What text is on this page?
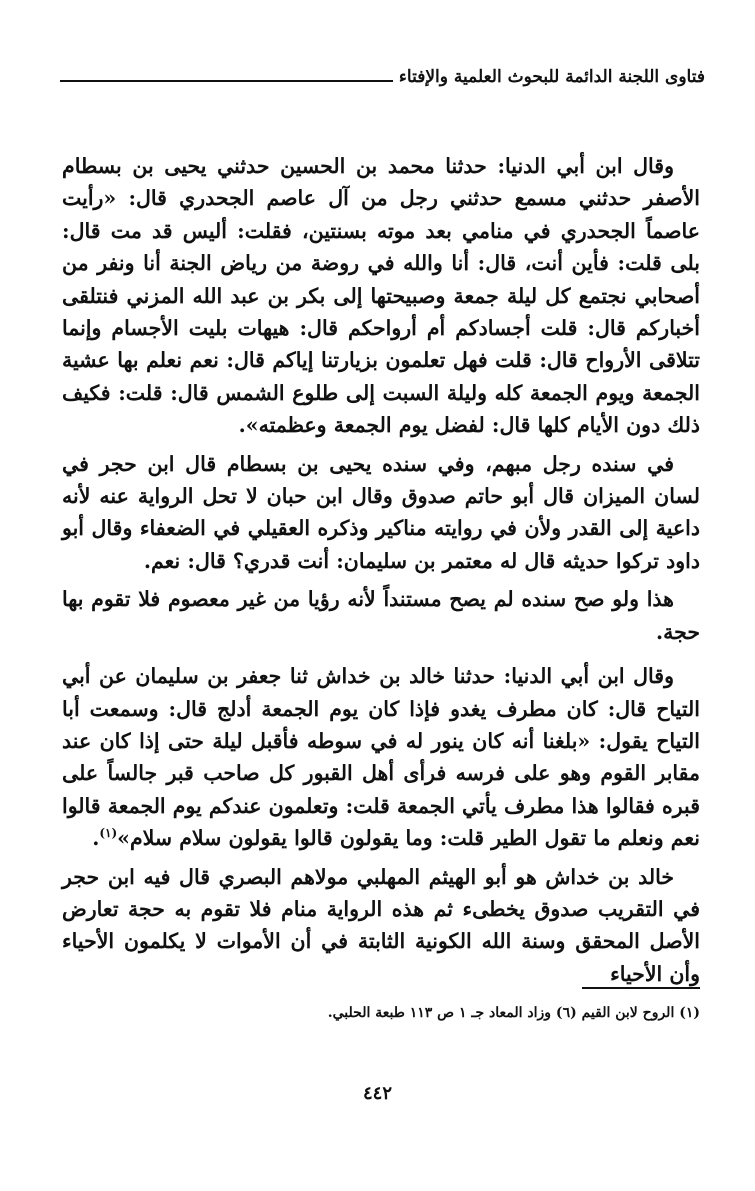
فتاوى اللجنة الدائمة للبحوث العلمية والإفتاء

وقال ابن أبي الدنيا: حدثنا محمد بن الحسين حدثني يحيى بن بسطام الأصفر حدثني مسمع حدثني رجل من آل عاصم الجحدري قال: «رأيت عاصماً الجحدري في منامي بعد موته بسنتين، فقلت: أليس قد مت قال: بلى قلت: فأين أنت، قال: أنا والله في روضة من رياض الجنة أنا ونفر من أصحابي نجتمع كل ليلة جمعة وصبيحتها إلى بكر بن عبد الله المزني فنتلقى أخباركم قال: قلت أجسادكم أم أرواحكم قال: هيهات بليت الأجسام وإنما تتلاقى الأرواح قال: قلت فهل تعلمون بزيارتنا إياكم قال: نعم نعلم بها عشية الجمعة ويوم الجمعة كله وليلة السبت إلى طلوع الشمس قال: قلت: فكيف ذلك دون الأيام كلها قال: لفضل يوم الجمعة وعظمته».

في سنده رجل مبهم، وفي سنده يحيى بن بسطام قال ابن حجر في لسان الميزان قال أبو حاتم صدوق وقال ابن حبان لا تحل الرواية عنه لأنه داعية إلى القدر ولأن في روايته مناكير وذكره العقيلي في الضعفاء وقال أبو داود تركوا حديثه قال له معتمر بن سليمان: أنت قدري؟ قال: نعم.

هذا ولو صح سنده لم يصح مستنداً لأنه رؤيا من غير معصوم فلا تقوم بها حجة.

وقال ابن أبي الدنيا: حدثنا خالد بن خداش ثنا جعفر بن سليمان عن أبي التياح قال: كان مطرف يغدو فإذا كان يوم الجمعة أدلج قال: وسمعت أبا التياح يقول: «بلغنا أنه كان ينور له في سوطه فأقبل ليلة حتى إذا كان عند مقابر القوم وهو على فرسه فرأى أهل القبور كل صاحب قبر جالساً على قبره فقالوا هذا مطرف يأتي الجمعة قلت: وتعلمون عندكم يوم الجمعة قالوا نعم ونعلم ما تقول الطير قلت: وما يقولون قالوا يقولون سلام سلام»$^{(١)}$.

خالد بن خداش هو أبو الهيثم المهلبي مولاهم البصري قال فيه ابن حجر في التقريب صدوق يخطىء ثم هذه الرواية منام فلا تقوم به حجة تعارض الأصل المحقق وسنة الله الكونية الثابتة في أن الأموات لا يكلمون الأحياء وأن الأحياء

(١) الروح لابن القيم (٦) وزاد المعاد جـ ١ ص ١١٣ طبعة الحلبي.
٤٤٢
